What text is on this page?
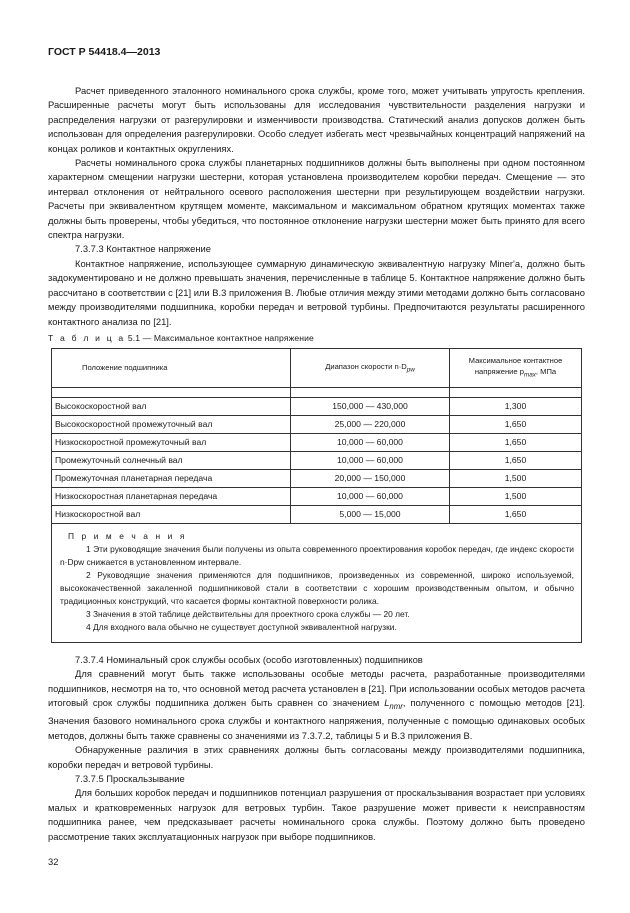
ГОСТ Р 54418.4—2013

Расчет приведенного эталонного номинального срока службы, кроме того, может учитывать упругость крепления. Расширенные расчеты могут быть использованы для исследования чувствительности разделения нагрузки и распределения нагрузки от разгерулировки и изменчивости производства. Статический анализ допусков должен быть использован для определения разгерулировки. Особо следует избегать мест чрезвычайных концентраций напряжений на концах роликов и контактных округлениях.

Расчеты номинального срока службы планетарных подшипников должны быть выполнены при одном постоянном характерном смещении нагрузки шестерни, которая установлена производителем коробки передач. Смещение — это интервал отклонения от нейтрального осевого расположения шестерни при результирующем воздействии нагрузки. Расчеты при эквивалентном крутящем моменте, максимальном и максимальном обратном крутящих моментах также должны быть проверены, чтобы убедиться, что постоянное отклонение нагрузки шестерни может быть принято для всего спектра нагрузки.

7.3.7.3 Контактное напряжение

Контактное напряжение, использующее суммарную динамическую эквивалентную нагрузку Minerʹa, должно быть задокументировано и не должно превышать значения, перечисленные в таблице 5. Контактное напряжение должно быть рассчитано в соответствии с [21] или В.3 приложения В. Любые отличия между этими методами должно быть согласовано между производителями подшипника, коробки передач и ветровой турбины. Предпочитаются результаты расширенного контактного анализа по [21].

Т а б л и ц а 5.1 — Максимальное контактное напряжение
Положение подшипника	Диапазон скорости $n\cdot D_{pw}$	Максимальное контактное напряжение $p_{max}$, МПа

Высокоскоростной вал	150,000 — 430,000	1,300
Высокоскоростной промежуточный вал	25,000 — 220,000	1,650
Низкоскоростной промежуточный вал	10,000 — 60,000	1,650
Промежуточный солнечный вал	10,000 — 60,000	1,650
Промежуточная планетарная передача	20,000 — 150,000	1,500
Низкоскоростная планетарная передача	10,000 — 60,000	1,500
Низкоскоростной вал	5,000 — 15,000	1,650

П р и м е ч а н и я
1 Эти руководящие значения были получены из опыта современного проектирования коробок передач, где индекс скорости n·Dpw снижается в установленном интервале.
2 Руководящие значения применяются для подшипников, произведенных из современной, широко используемой, высококачественной закаленной подшипниковой стали в соответствии с хорошим производственным опытом, и обычно традиционных конструкций, что касается формы контактной поверхности ролика.
3 Значения в этой таблице действительны для проектного срока службы — 20 лет.
4 Для входного вала обычно не существует доступной эквивалентной нагрузки.		

7.3.7.4 Номинальный срок службы особых (особо изготовленных) подшипников

Для сравнений могут быть также использованы особые методы расчета, разработанные производителями подшипников, несмотря на то, что основной метод расчета установлен в [21]. При использовании особых методов расчета итоговый срок службы подшипника должен быть сравнен со значением $L_{nmr}$, полученного с помощью методов [21]. Значения базового номинального срока службы и контактного напряжения, полученные с помощью одинаковых особых методов, должны быть также сравнены со значениями из 7.3.7.2, таблицы 5 и В.3 приложения В.

Обнаруженные различия в этих сравнениях должны быть согласованы между производителями подшипника, коробки передач и ветровой турбины.

7.3.7.5 Проскальзывание

Для больших коробок передач и подшипников потенциал разрушения от проскальзывания возрастает при условиях малых и кратковременных нагрузок для ветровых турбин. Такое разрушение может привести к неисправностям подшипника ранее, чем предсказывает расчеты номинального срока службы. Поэтому должно быть проведено рассмотрение таких эксплуатационных нагрузок при выборе подшипников.

32
